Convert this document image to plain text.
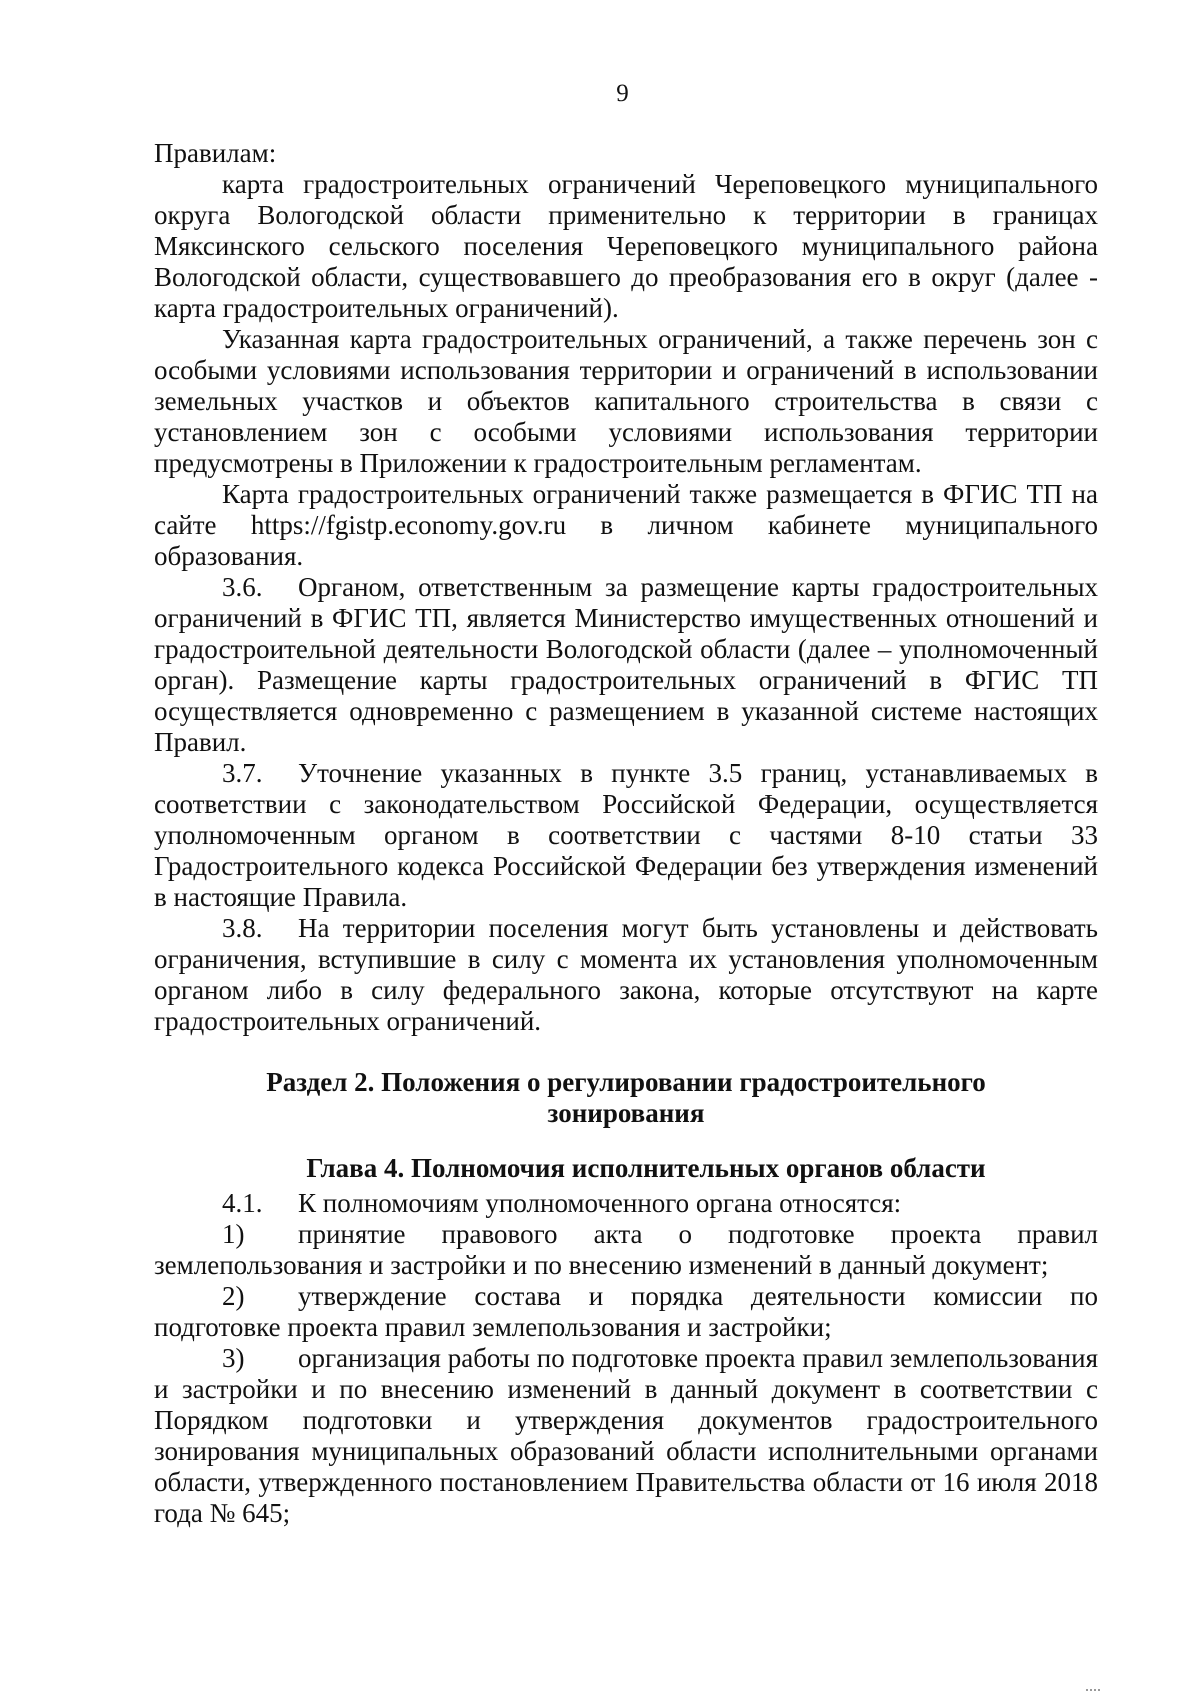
9

Правилам:

карта градостроительных ограничений Череповецкого муниципального округа Вологодской области применительно к территории в границах Мяксинского сельского поселения Череповецкого муниципального района Вологодской области, существовавшего до преобразования его в округ (далее - карта градостроительных ограничений).

Указанная карта градостроительных ограничений, а также перечень зон с особыми условиями использования территории и ограничений в использовании земельных участков и объектов капитального строительства в связи с установлением зон с особыми условиями использования территории предусмотрены в Приложении к градостроительным регламентам.

Карта градостроительных ограничений также размещается в ФГИС ТП на сайте https://fgistp.economy.gov.ru в личном кабинете муниципального образования.

3.6. Органом, ответственным за размещение карты градостроительных ограничений в ФГИС ТП, является Министерство имущественных отношений и градостроительной деятельности Вологодской области (далее – уполномоченный орган). Размещение карты градостроительных ограничений в ФГИС ТП осуществляется одновременно с размещением в указанной системе настоящих Правил.

3.7. Уточнение указанных в пункте 3.5 границ, устанавливаемых в соответствии с законодательством Российской Федерации, осуществляется уполномоченным органом в соответствии с частями 8-10 статьи 33 Градостроительного кодекса Российской Федерации без утверждения изменений в настоящие Правила.

3.8. На территории поселения могут быть установлены и действовать ограничения, вступившие в силу с момента их установления уполномоченным органом либо в силу федерального закона, которые отсутствуют на карте градостроительных ограничений.

Раздел 2. Положения о регулировании градостроительного зонирования

Глава 4. Полномочия исполнительных органов области

4.1. К полномочиям уполномоченного органа относятся:

1) принятие правового акта о подготовке проекта правил землепользования и застройки и по внесению изменений в данный документ;

2) утверждение состава и порядка деятельности комиссии по подготовке проекта правил землепользования и застройки;

3) организация работы по подготовке проекта правил землепользования и застройки и по внесению изменений в данный документ в соответствии с Порядком подготовки и утверждения документов градостроительного зонирования муниципальных образований области исполнительными органами области, утвержденного постановлением Правительства области от 16 июля 2018 года № 645;
